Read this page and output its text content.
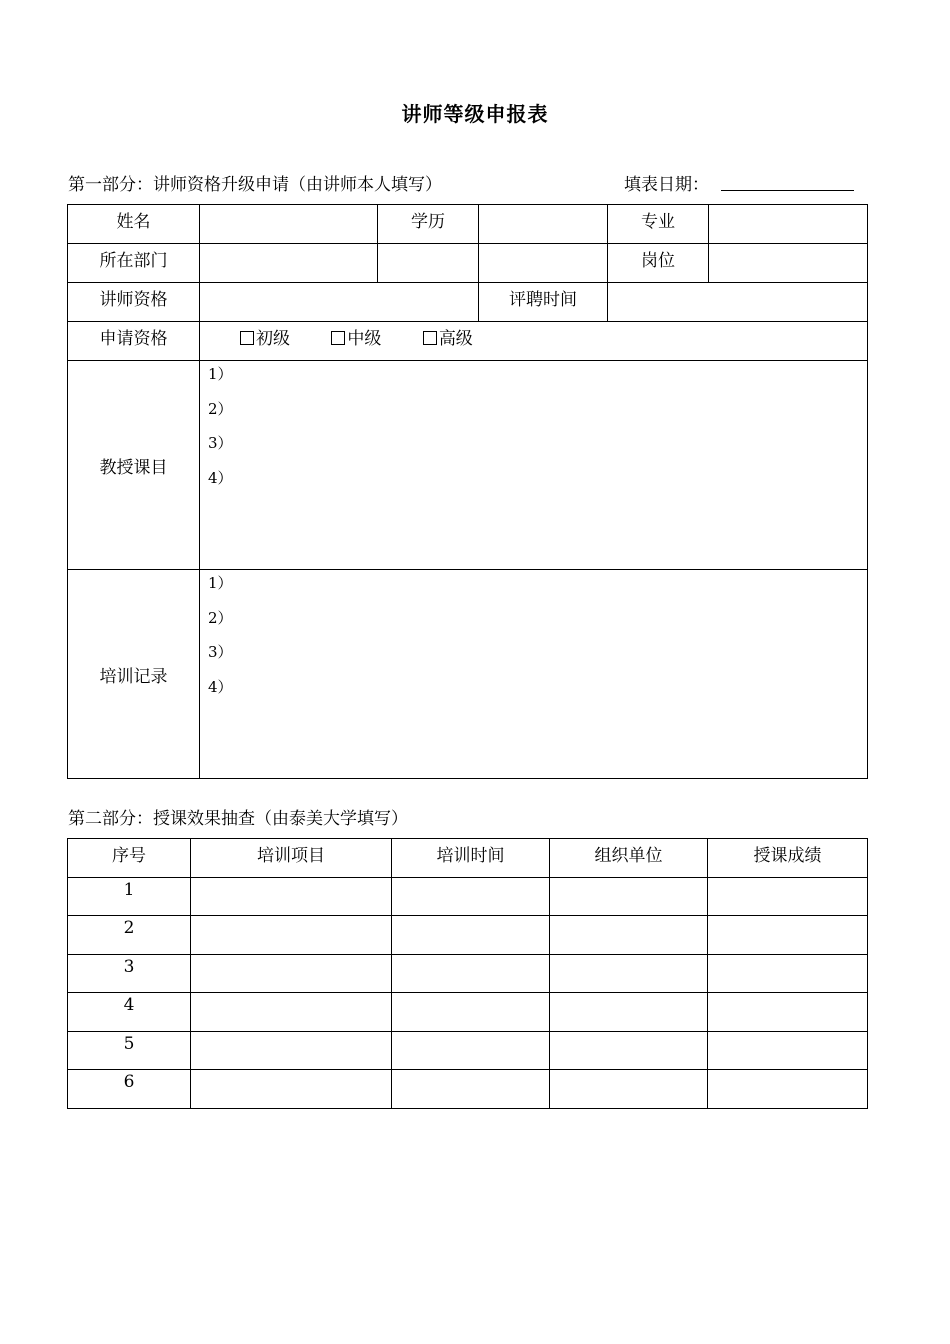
讲师等级申报表
第一部分：讲师资格升级申请（由讲师本人填写）	填表日期：
姓名		学历		专业	
所在部门				岗位	
讲师资格			评聘时间		
申请资格	初级 中级 高级				
教授课目	1）
2）
3）
4）				

培训记录	1）
2）
3）
4）				
第二部分：授课效果抽查（由泰美大学填写）
序号	培训项目	培训时间	组织单位	授课成绩
1				
2				
3				
4				
5				
6				
